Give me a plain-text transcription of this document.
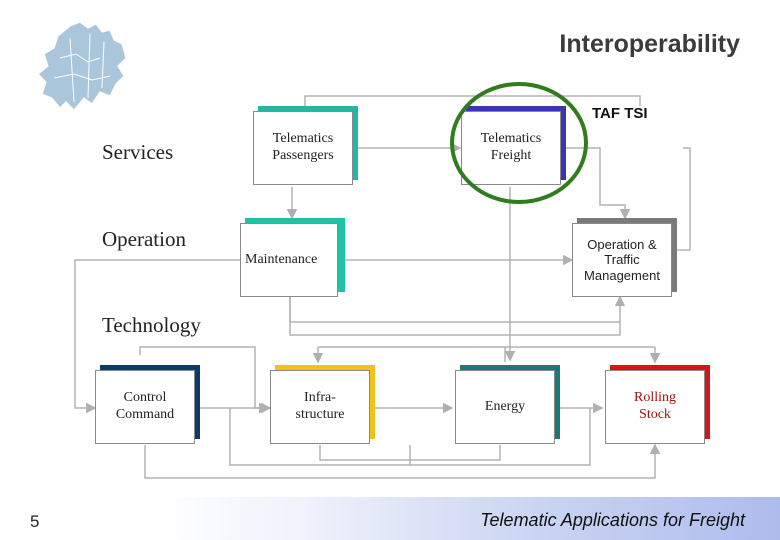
Interoperability
Services
Operation
Technology
Telematics
Passengers
Telematics
Freight
Maintenance
Operation &
Traffic
Management
Control
Command
Infra-
structure
Energy
Rolling
Stock
TAF TSI
5	Telematic Applications for Freight
